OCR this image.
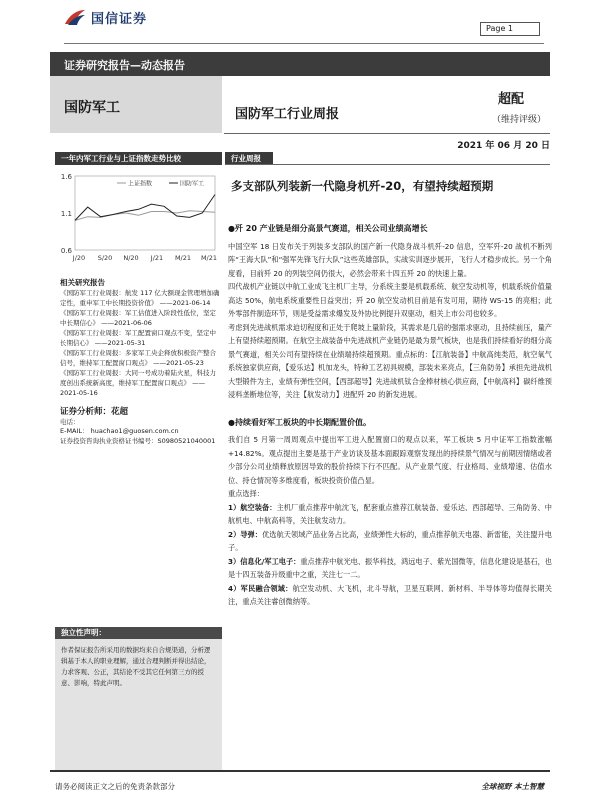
国信证券
Page 1
证券研究报告—动态报告
国防军工	国防军工行业周报
超配
（维持评级）
2021 年 06 月 20 日
一年内军工行业与上证指数走势比较
1.6
1.1
0.6
J/20 S/20 N/20 J/21 M/21 M/21
上证指数	国防军工
相关研究报告
《国防军工行业周报：航发 117 亿大额现金管理增加确定性，重申军工中长期投资价值》 ——2021-06-14
《国防军工行业周报：军工估值进入阶段性低位，坚定中长期信心》 ——2021-06-06
《国防军工行业周报：军工配置窗口观点不变，坚定中长期信心》 ——2021-05-31
《国防军工行业周报：多家军工央企释放积极资产整合信号，维持军工配置窗口观点》 ——2021-05-23
《国防军工行业周报：大同一号成功着陆火星，科技力度创出系统新高度，维持军工配置窗口观点》 ——2021-05-16
证券分析师：花超
电话：
E-MAIL： huachao1@guosen.com.cn
证券投资咨询执业资格证书编号：S0980521040001
独立性声明：
作者保证报告所采用的数据均来自合规渠道，分析逻辑基于本人的职业理解，通过合理判断并得出结论，力求客观、公正，其结论不受其它任何第三方的授意、影响，特此声明。
行业周报
多支部队列装新一代隐身机歼-20，有望持续超预期

●歼 20 产业链是细分高景气赛道，相关公司业绩高增长

中国空军 18 日发布关于列装多支部队的国产新一代隐身战斗机歼-20 信息，空军歼-20 战机不断列阵“王海大队”和“强军先锋飞行大队”这些英雄部队，实战实训逐步展开，飞行人才稳步成长。另一个角度看，目前歼 20 的列装空间仍很大，必然会带来十四五歼 20 的快速上量。

四代战机产业链以中航工业成飞主机厂主导，分系统主要是机载系统、航空发动机等，机载系统价值量高达 50%，航电系统重要性日益突出；歼 20 航空发动机目前是有发可用，期待 WS-15 的亮相；此外零部件制造环节，则是受益需求爆发及外协比例提升双驱动，相关上市公司也较多。

考虑到先进战机需求迫切程度和正处于爬坡上量阶段，其需求是几倍的强需求驱动，且持续前压，量产上有望持续超预期。在航空主战装备中先进战机产业链仍是最为景气板块，也是我们持续看好的细分高景气赛道，相关公司有望持续在业绩端持续超预期。重点标的：【江航装备】中航高纯类范，航空氧气系统独家供应商，【爱乐达】机加龙头，特种工艺初具规模，部装未来亮点，【三角防务】承担先进战机大型锻件为主，业绩有弹性空间，【西部超导】先进战机钛合金棒材核心供应商，【中航高科】碳纤维预浸料垄断地位等，关注【航发动力】进配歼 20 的新发进展。

●持续看好军工板块的中长期配置价值。

我们自 5 月第一周周观点中提出军工进入配置窗口的观点以来，军工板块 5 月中证军工指数涨幅+14.82%。观点提出主要是基于产业访谈及基本面跟踪观察发现出的持续景气情况与前期因情绪或者少部分公司业绩释放原因导致的股价持续下行不匹配。从产业景气度、行业格局、业绩增速、估值水位、持仓情况等多维度看，板块投资价值凸显。

重点选择：

1）航空装备：主机厂重点推荐中航沈飞，配套重点推荐江航装备、爱乐达、西部超导、三角防务、中航机电、中航高科等，关注航发动力。

2）导弹：优选航天领域产品业务占比高，业绩弹性大标的，重点推荐航天电器、新雷能，关注盟升电子。

3）信息化/军工电子：重点推荐中航光电、振华科技，鸿远电子、紫光国微等，信息化建设是基石，也是十四五装备升级重中之重，关注七一二。

4）军民融合领域：航空发动机、大飞机，北斗导航，卫星互联网、新材料、半导体等均值得长期关注，重点关注睿创微纳等。

请务必阅读正文之后的免责条款部分	全球视野 本土智慧
